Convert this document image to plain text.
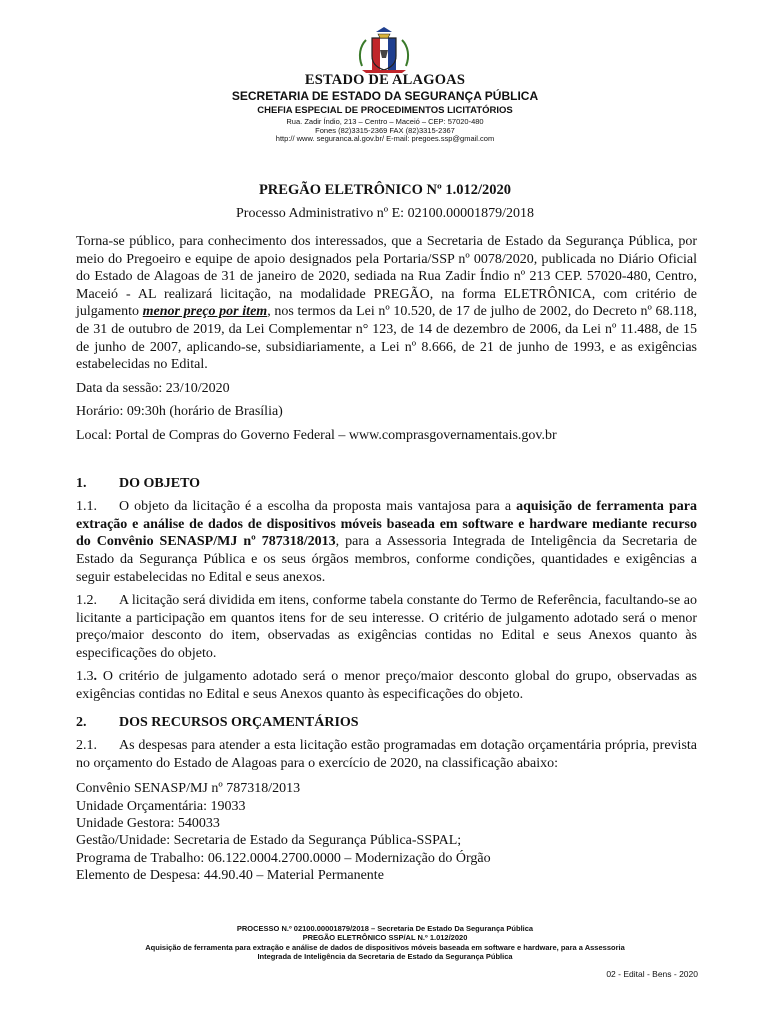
ESTADO DE ALAGOAS
SECRETARIA DE ESTADO DA SEGURANÇA PÚBLICA
CHEFIA ESPECIAL DE PROCEDIMENTOS LICITATÓRIOS
Rua. Zadir Índio, 213 – Centro – Maceió – CEP: 57020-480
Fones (82)3315-2369 FAX (82)3315-2367
http:// www. seguranca.al.gov.br/ E-mail: pregoes.ssp@gmail.com
PREGÃO ELETRÔNICO Nº 1.012/2020
Processo Administrativo nº E: 02100.00001879/2018

Torna-se público, para conhecimento dos interessados, que a Secretaria de Estado da Segurança Pública, por meio do Pregoeiro e equipe de apoio designados pela Portaria/SSP nº 0078/2020, publicada no Diário Oficial do Estado de Alagoas de 31 de janeiro de 2020, sediada na Rua Zadir Índio nº 213 CEP. 57020-480, Centro, Maceió - AL realizará licitação, na modalidade PREGÃO, na forma ELETRÔNICA, com critério de julgamento menor preço por item, nos termos da Lei nº 10.520, de 17 de julho de 2002, do Decreto nº 68.118, de 31 de outubro de 2019, da Lei Complementar n° 123, de 14 de dezembro de 2006, da Lei nº 11.488, de 15 de junho de 2007, aplicando-se, subsidiariamente, a Lei nº 8.666, de 21 de junho de 1993, e as exigências estabelecidas no Edital.

Data da sessão: 23/10/2020

Horário: 09:30h (horário de Brasília)

Local: Portal de Compras do Governo Federal – www.comprasgovernamentais.gov.br

1.	DO OBJETO

1.1. O objeto da licitação é a escolha da proposta mais vantajosa para a aquisição de ferramenta para extração e análise de dados de dispositivos móveis baseada em software e hardware mediante recurso do Convênio SENASP/MJ nº 787318/2013, para a Assessoria Integrada de Inteligência da Secretaria de Estado da Segurança Pública e os seus órgãos membros, conforme condições, quantidades e exigências a seguir estabelecidas no Edital e seus anexos.

1.2. A licitação será dividida em itens, conforme tabela constante do Termo de Referência, facultando-se ao licitante a participação em quantos itens for de seu interesse. O critério de julgamento adotado será o menor preço/maior desconto do item, observadas as exigências contidas no Edital e seus Anexos quanto às especificações do objeto.

1.3. O critério de julgamento adotado será o menor preço/maior desconto global do grupo, observadas as exigências contidas no Edital e seus Anexos quanto às especificações do objeto.

2.	DOS RECURSOS ORÇAMENTÁRIOS

2.1. As despesas para atender a esta licitação estão programadas em dotação orçamentária própria, prevista no orçamento do Estado de Alagoas para o exercício de 2020, na classificação abaixo:

Convênio SENASP/MJ nº 787318/2013
Unidade Orçamentária: 19033
Unidade Gestora: 540033
Gestão/Unidade: Secretaria de Estado da Segurança Pública-SSPAL;
Programa de Trabalho: 06.122.0004.2700.0000 – Modernização do Órgão
Elemento de Despesa: 44.90.40 – Material Permanente
PROCESSO N.º 02100.00001879/2018 – Secretaria De Estado Da Segurança Pública
PREGÃO ELETRÔNICO SSP/AL N.º 1.012/2020
Aquisição de ferramenta para extração e análise de dados de dispositivos móveis baseada em software e hardware, para a Assessoria
Integrada de Inteligência da Secretaria de Estado da Segurança Pública
02 - Edital - Bens - 2020
